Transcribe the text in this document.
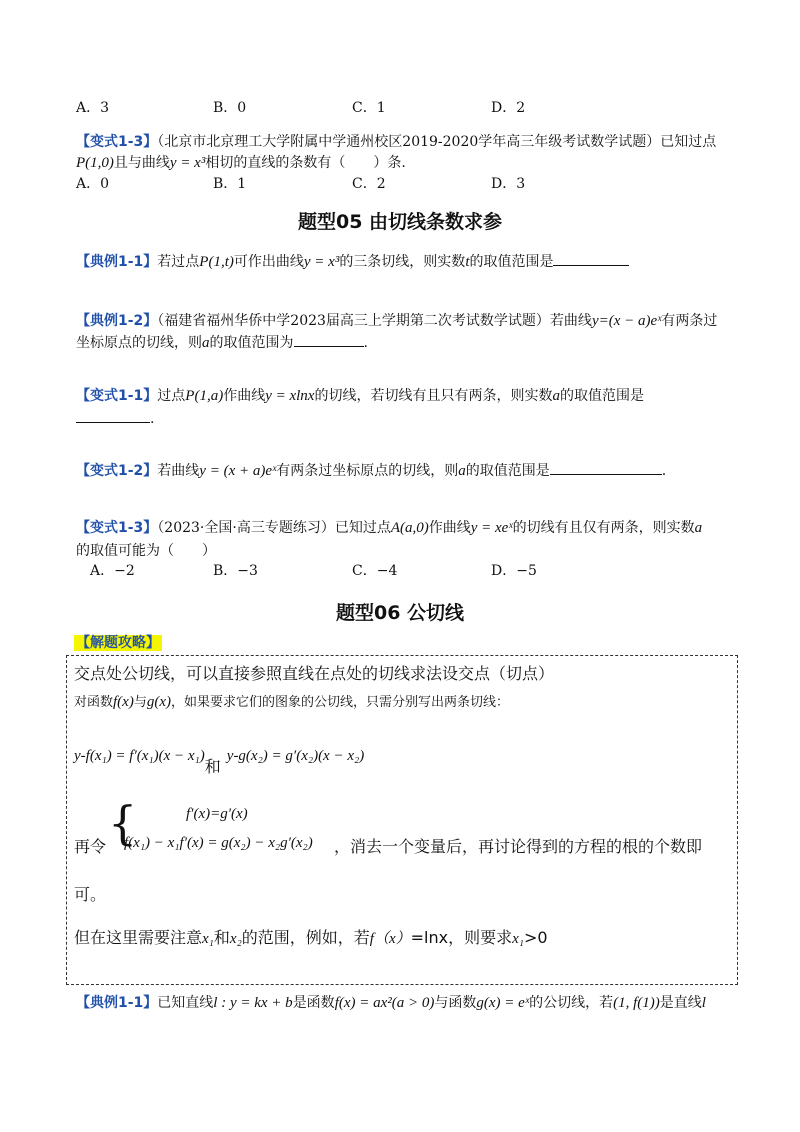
A．3	B．0	C．1	D．2
【变式1-3】（北京市北京理工大学附属中学通州校区2019-2020学年高三年级考试数学试题）已知过点
P(1,0)且与曲线y = x³相切的直线的条数有（　　）条.
A．0	B．1	C．2	D．3
题型05 由切线条数求参
【典例1-1】若过点P(1,t)可作出曲线y = x³的三条切线，则实数t的取值范围是
【典例1-2】（福建省福州华侨中学2023届高三上学期第二次考试数学试题）若曲线y=(x − a)eˣ有两条过
坐标原点的切线，则a的取值范围为	.
【变式1-1】过点P(1,a)作曲线y = xlnx的切线，若切线有且只有两条，则实数a的取值范围是
.
【变式1-2】若曲线y = (x + a)eˣ有两条过坐标原点的切线，则a的取值范围是	.
【变式1-3】（2023·全国·高三专题练习）已知过点A(a,0)作曲线y = xeˣ的切线有且仅有两条，则实数a
的取值可能为（　　）
A．−2	B．−3	C．−4	D．−5
题型06 公切线
【解题攻略】
交点处公切线，可以直接参照直线在点处的切线求法设交点（切点）
对函数f(x)与g(x)，如果要求它们的图象的公切线，只需分别写出两条切线：
y-f(x₁) = f′(x₁)(x − x₁)和y-g(x₂) = g′(x₂)(x − x₂)
再令 {	f′(x)=g′(x)
f(x₁) − x₁f′(x) = g(x₂) − x₂g′(x₂) ，消去一个变量后，再讨论得到的方程的根的个数即
可。
但在这里需要注意x₁和x₂的范围，例如，若f（x）=lnx，则要求x₁>0
【典例1-1】已知直线l : y = kx + b是函数f(x) = ax²(a > 0)与函数g(x) = eˣ的公切线，若(1, f(1))是直线l
